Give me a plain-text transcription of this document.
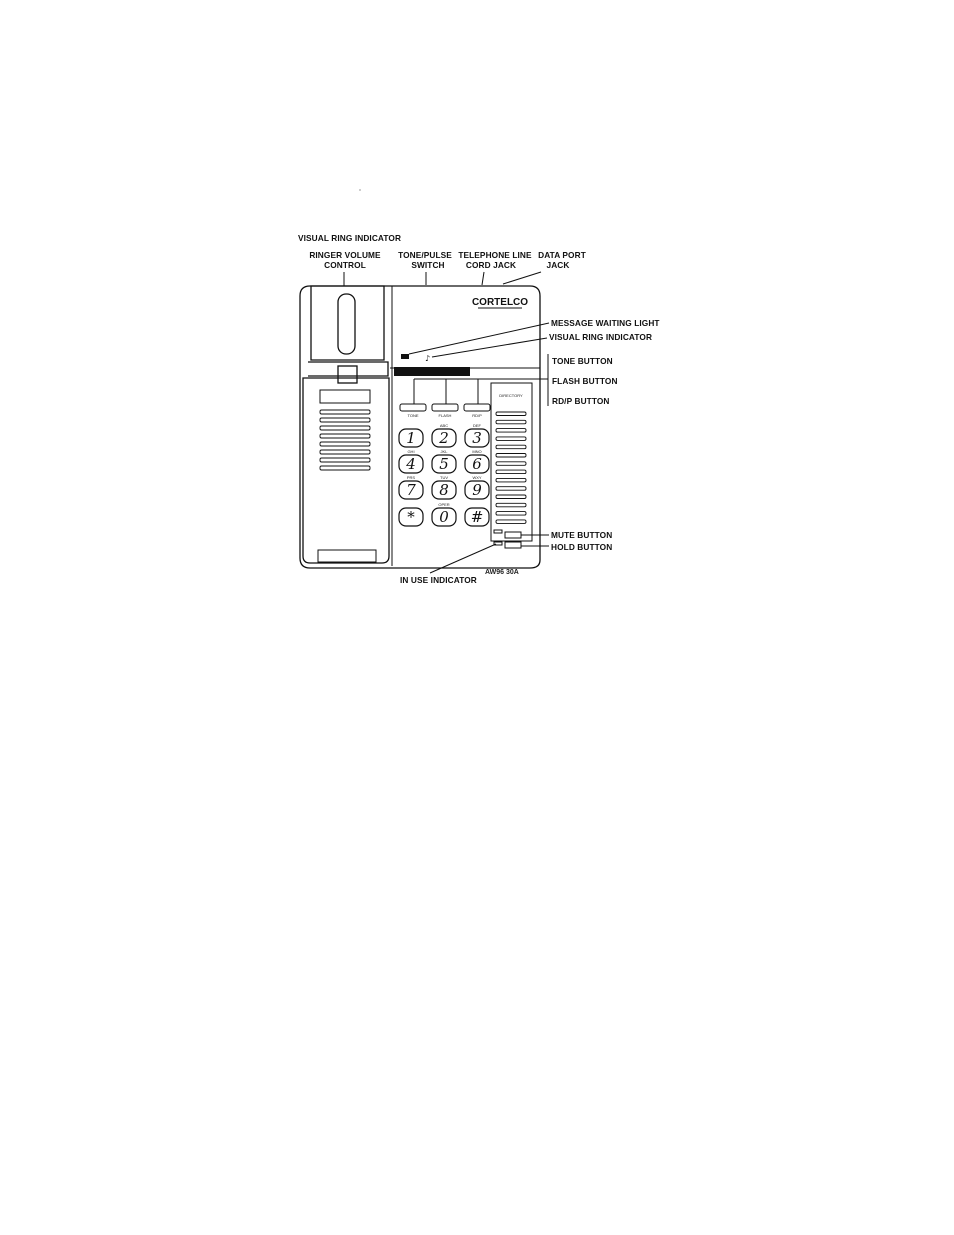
VISUAL RING INDICATOR
RINGER VOLUME
CONTROL
TONE/PULSE
SWITCH
TELEPHONE LINE
CORD JACK
DATA PORT
JACK
CORTELCO
♪
TONE	FLASH	RD/P
1 2
ABC
3
DEF
4
GHI
5
JKL
6
MNO
7
PRS
8
TUV
9
WXY
* 0
OPER
#
DIRECTORY
AW96 30A
MESSAGE WAITING LIGHT
VISUAL RING INDICATOR
TONE BUTTON
FLASH BUTTON
RD/P BUTTON
MUTE BUTTON
HOLD BUTTON
IN USE INDICATOR
